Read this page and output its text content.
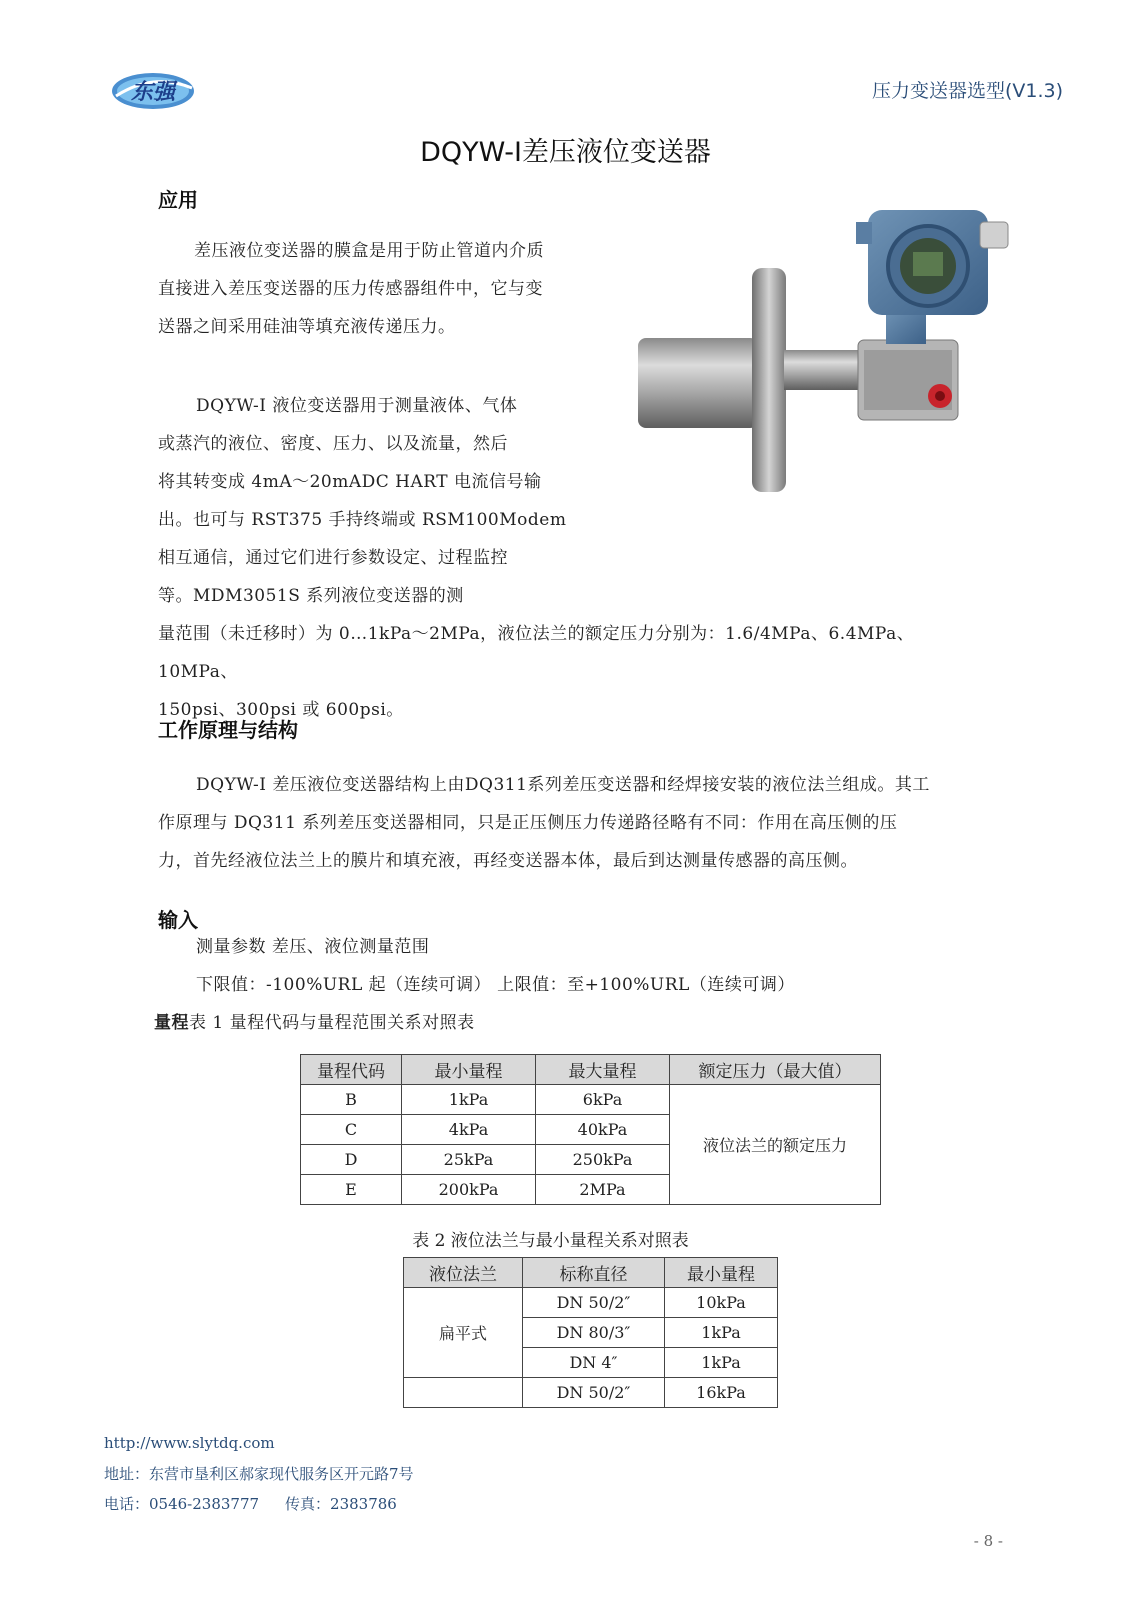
东强	压力变送器选型(V1.3)
DQYW-I差压液位变送器
应用
差压液位变送器的膜盒是用于防止管道内介质直接进入差压变送器的压力传感器组件中，它与变送器之间采用硅油等填充液传递压力。

DQYW-I 液位变送器用于测量液体、气体

或蒸汽的液位、密度、压力、以及流量，然后

将其转变成 4mA～20mADC HART 电流信号输

出。也可与 RST375 手持终端或 RSM100Modem

相互通信，通过它们进行参数设定、过程监控

等。MDM3051S 系列液位变送器的测

量范围（未迁移时）为 0…1kPa～2MPa，液位法兰的额定压力分别为：1.6/4MPa、6.4MPa、10MPa、

150psi、300psi 或 600psi。

工作原理与结构

DQYW-I 差压液位变送器结构上由DQ311系列差压变送器和经焊接安装的液位法兰组成。其工

作原理与 DQ311 系列差压变送器相同，只是正压侧压力传递路径略有不同：作用在高压侧的压

力，首先经液位法兰上的膜片和填充液，再经变送器本体，最后到达测量传感器的高压侧。

输入
测量参数 差压、液位测量范围
下限值：-100%URL 起（连续可调） 上限值：至+100%URL（连续可调）
量程表 1 量程代码与量程范围关系对照表
量程代码	最小量程	最大量程	额定压力（最大值）
B	1kPa	6kPa	液位法兰的额定压力
C	4kPa	40kPa	
D	25kPa	250kPa	
E	200kPa	2MPa	
表 2 液位法兰与最小量程关系对照表
液位法兰	标称直径	最小量程
扁平式	DN 50/2″	10kPa
	DN 80/3″	1kPa
	DN 4″	1kPa
	DN 50/2″	16kPa
http://www.slytdq.com
地址：东营市垦利区郝家现代服务区开元路7号
电话：0546-2383777 传真：2383786
- 8 -
